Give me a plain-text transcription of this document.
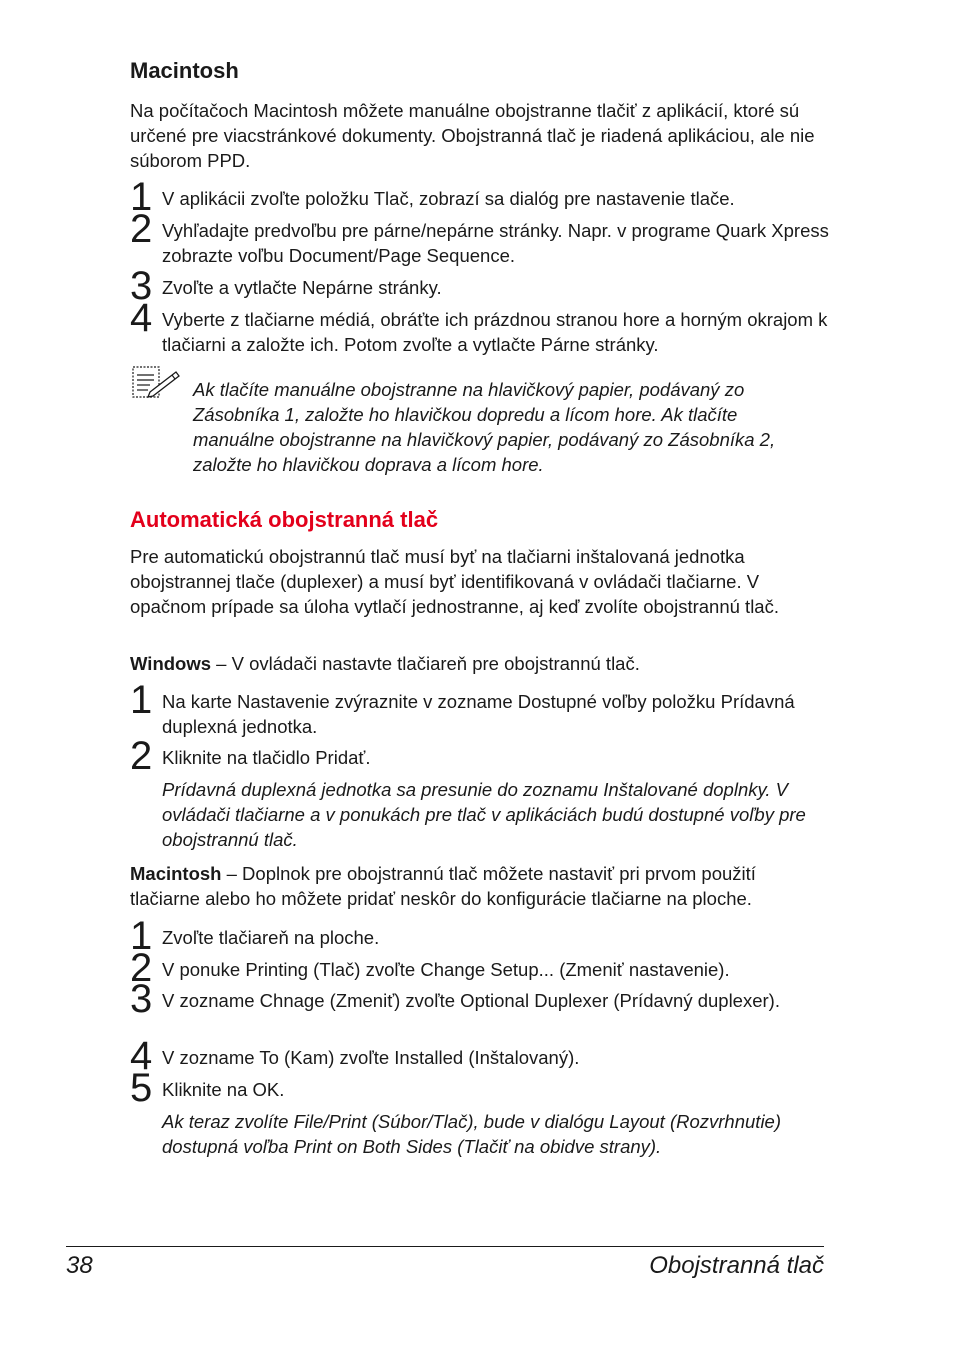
Macintosh

Na počítačoch Macintosh môžete manuálne obojstranne tlačiť z aplikácií, ktoré sú určené pre viacstránkové dokumenty. Obojstranná tlač je riadená aplikáciou, ale nie súborom PPD.

1 V aplikácii zvoľte položku Tlač, zobrazí sa dialóg pre nastavenie tlače.
2 Vyhľadajte predvoľbu pre párne/nepárne stránky. Napr. v programe Quark Xpress zobrazte voľbu Document/Page Sequence.
3 Zvoľte a vytlačte Nepárne stránky.
4 Vyberte z tlačiarne médiá, obráťte ich prázdnou stranou hore a horným okrajom k tlačiarni a založte ich. Potom zvoľte a vytlačte Párne stránky.
Ak tlačíte manuálne obojstranne na hlavičkový papier, podávaný zo Zásobníka 1, založte ho hlavičkou dopredu a lícom hore. Ak tlačíte manuálne obojstranne na hlavičkový papier, podávaný zo Zásobníka 2, založte ho hlavičkou doprava a lícom hore.
Automatická obojstranná tlač

Pre automatickú obojstrannú tlač musí byť na tlačiarni inštalovaná jednotka obojstrannej tlače (duplexer) a musí byť identifikovaná v ovládači tlačiarne. V opačnom prípade sa úloha vytlačí jednostranne, aj keď zvolíte obojstrannú tlač.

Windows – V ovládači nastavte tlačiareň pre obojstrannú tlač.

1 Na karte Nastavenie zvýraznite v zozname Dostupné voľby položku Prídavná duplexná jednotka.
2 Kliknite na tlačidlo Pridať.
Prídavná duplexná jednotka sa presunie do zoznamu Inštalované doplnky. V ovládači tlačiarne a v ponukách pre tlač v aplikáciách budú dostupné voľby pre obojstrannú tlač.

Macintosh – Doplnok pre obojstrannú tlač môžete nastaviť pri prvom použití tlačiarne alebo ho môžete pridať neskôr do konfigurácie tlačiarne na ploche.

1 Zvoľte tlačiareň na ploche.
2 V ponuke Printing (Tlač) zvoľte Change Setup... (Zmeniť nastavenie).
3 V zozname Chnage (Zmeniť) zvoľte Optional Duplexer (Prídavný duplexer).
4 V zozname To (Kam) zvoľte Installed (Inštalovaný).
5 Kliknite na OK.
Ak teraz zvolíte File/Print (Súbor/Tlač), bude v dialógu Layout (Rozvrhnutie) dostupná voľba Print on Both Sides (Tlačiť na obidve strany).
38	Obojstranná tlač
